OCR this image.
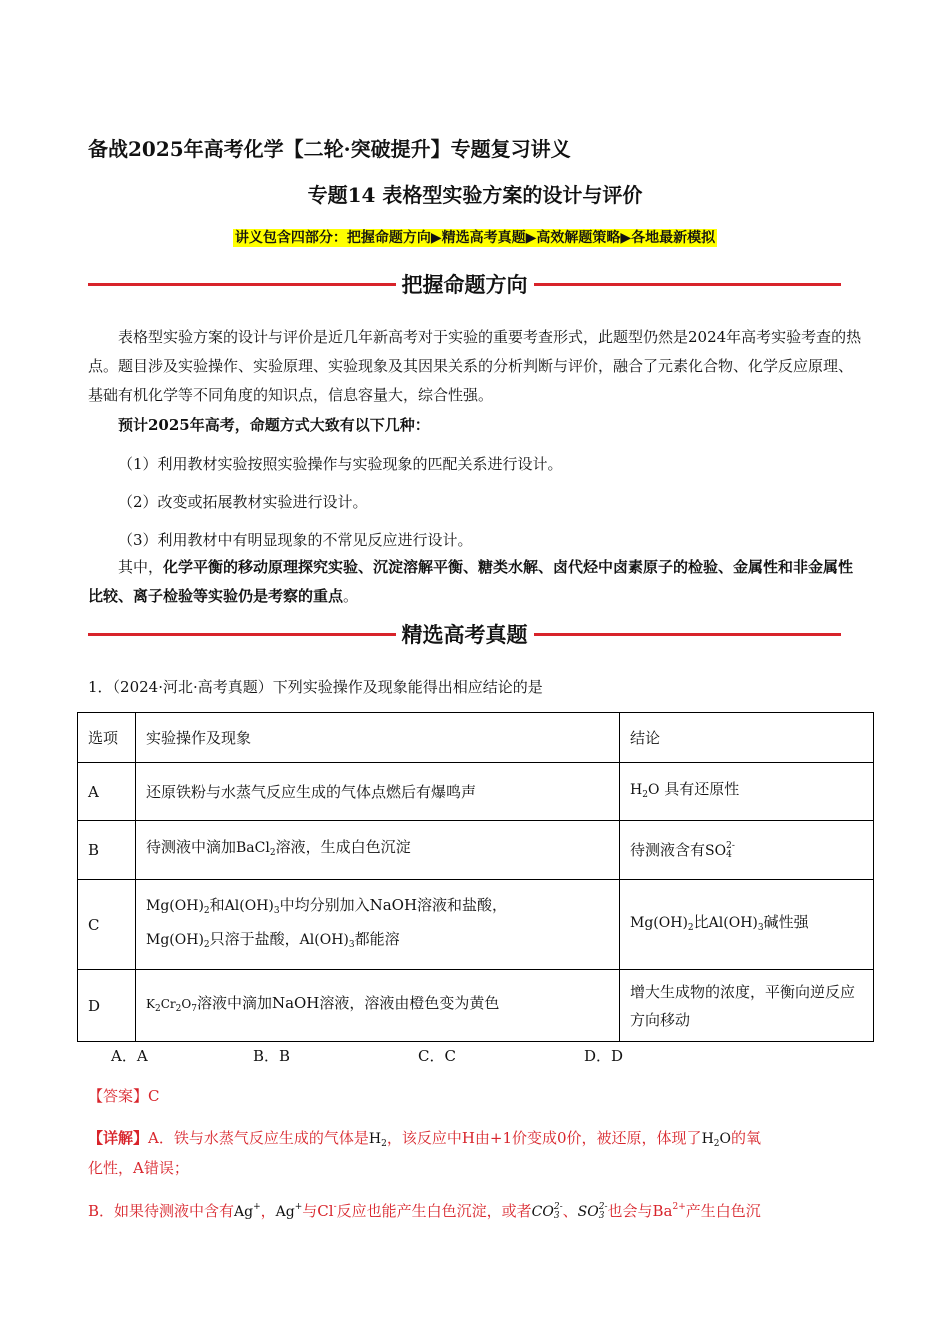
备战2025年高考化学【二轮·突破提升】专题复习讲义
专题14 表格型实验方案的设计与评价
讲义包含四部分：把握命题方向▶精选高考真题▶高效解题策略▶各地最新模拟
把握命题方向
表格型实验方案的设计与评价是近几年新高考对于实验的重要考查形式，此题型仍然是2024年高考实验考查的热点。题目涉及实验操作、实验原理、实验现象及其因果关系的分析判断与评价，融合了元素化合物、化学反应原理、基础有机化学等不同角度的知识点，信息容量大，综合性强。
预计2025年高考，命题方式大致有以下几种：
（1）利用教材实验按照实验操作与实验现象的匹配关系进行设计。
（2）改变或拓展教材实验进行设计。
（3）利用教材中有明显现象的不常见反应进行设计。
其中，化学平衡的移动原理探究实验、沉淀溶解平衡、糖类水解、卤代烃中卤素原子的检验、金属性和非金属性比较、离子检验等实验仍是考察的重点。
精选高考真题
1．（2024·河北·高考真题）下列实验操作及现象能得出相应结论的是
选项	实验操作及现象	结论
A	还原铁粉与水蒸气反应生成的气体点燃后有爆鸣声	$H_2O$ 具有还原性
B	待测液中滴加BaCl$_2$溶液，生成白色沉淀	待测液含有SO2-
4
C	$Mg(OH)_2$和$Al(OH)_3$中均分别加入NaOH溶液和盐酸，
$Mg(OH)_2$只溶于盐酸，$Al(OH)_3$都能溶	$Mg(OH)_2$比$Al(OH)_3$碱性强
D	$K_2Cr_2O_7$溶液中滴加NaOH溶液，溶液由橙色变为黄色	增大生成物的浓度，平衡向逆反应方向移动
A．A	B．B	C．C	D．D
【答案】C
【详解】A．铁与水蒸气反应生成的气体是$H_2$，该反应中H由+1价变成0价，被还原，体现了$H_2O$的氧
化性，A错误；
B．如果待测液中含有Ag+，Ag+与Cl-反应也能产生白色沉淀，或者CO2-
3 、SO2-
3 也会与$Ba^{2+}$产生白色沉
